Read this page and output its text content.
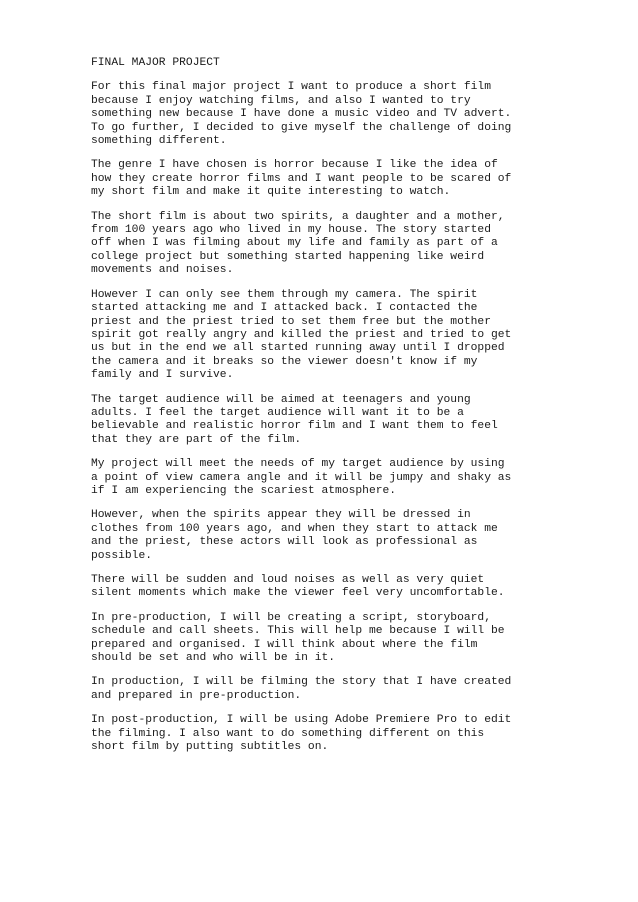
FINAL MAJOR PROJECT
For this final major project I want to produce a short film
because I enjoy watching films, and also I wanted to try
something new because I have done a music video and TV advert.
To go further, I decided to give myself the challenge of doing
something different.
The genre I have chosen is horror because I like the idea of
how they create horror films and I want people to be scared of
my short film and make it quite interesting to watch.
The short film is about two spirits, a daughter and a mother,
from 100 years ago who lived in my house. The story started
off when I was filming about my life and family as part of a
college project but something started happening like weird
movements and noises.
However I can only see them through my camera. The spirit
started attacking me and I attacked back. I contacted the
priest and the priest tried to set them free but the mother
spirit got really angry and killed the priest and tried to get
us but in the end we all started running away until I dropped
the camera and it breaks so the viewer doesn't know if my
family and I survive.
The target audience will be aimed at teenagers and young
adults. I feel the target audience will want it to be a
believable and realistic horror film and I want them to feel
that they are part of the film.
My project will meet the needs of my target audience by using
a point of view camera angle and it will be jumpy and shaky as
if I am experiencing the scariest atmosphere.
However, when the spirits appear they will be dressed in
clothes from 100 years ago, and when they start to attack me
and the priest, these actors will look as professional as
possible.
There will be sudden and loud noises as well as very quiet
silent moments which make the viewer feel very uncomfortable.
In pre-production, I will be creating a script, storyboard,
schedule and call sheets. This will help me because I will be
prepared and organised. I will think about where the film
should be set and who will be in it.
In production, I will be filming the story that I have created
and prepared in pre-production.
In post-production, I will be using Adobe Premiere Pro to edit
the filming. I also want to do something different on this
short film by putting subtitles on.
